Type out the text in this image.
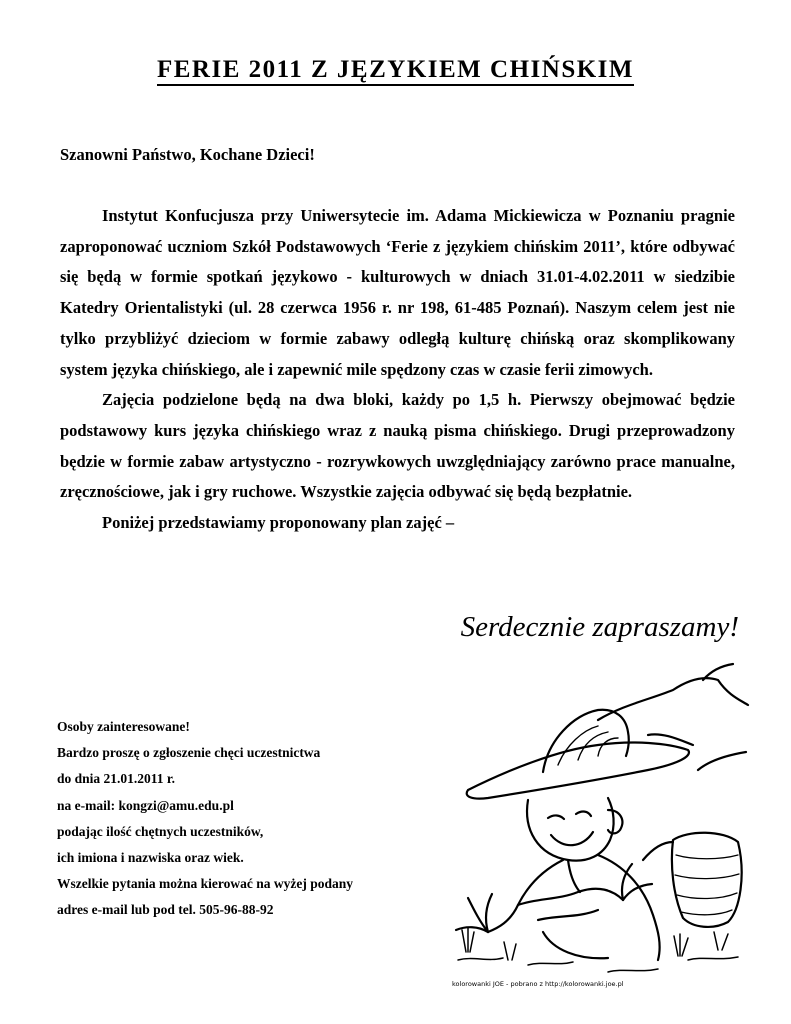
FERIE 2011 Z JĘZYKIEM CHIŃSKIM
Szanowni Państwo, Kochane Dzieci!

Instytut Konfucjusza przy Uniwersytecie im. Adama Mickiewicza w Poznaniu pragnie zaproponować uczniom Szkół Podstawowych ‘Ferie z językiem chińskim 2011’, które odbywać się będą w formie spotkań językowo - kulturowych w dniach 31.01-4.02.2011 w siedzibie Katedry Orientalistyki (ul. 28 czerwca 1956 r. nr 198, 61-485 Poznań). Naszym celem jest nie tylko przybliżyć dzieciom w formie zabawy odległą kulturę chińską oraz skomplikowany system języka chińskiego, ale i zapewnić mile spędzony czas w czasie ferii zimowych.

Zajęcia podzielone będą na dwa bloki, każdy po 1,5 h. Pierwszy obejmować będzie podstawowy kurs języka chińskiego wraz z nauką pisma chińskiego. Drugi przeprowadzony będzie w formie zabaw artystyczno - rozrywkowych uwzględniający zarówno prace manualne, zręcznościowe, jak i gry ruchowe. Wszystkie zajęcia odbywać się będą bezpłatnie.

Poniżej przedstawiamy proponowany plan zajęć –

Serdecznie zapraszamy!
Osoby zainteresowane!
Bardzo proszę o zgłoszenie chęci uczestnictwa
do dnia 21.01.2011 r.
na e-mail: kongzi@amu.edu.pl
podając ilość chętnych uczestników,
ich imiona i nazwiska oraz wiek.
Wszelkie pytania można kierować na wyżej podany
adres e-mail lub pod tel. 505-96-88-92
kolorowanki JOE - pobrano z http://kolorowanki.joe.pl
